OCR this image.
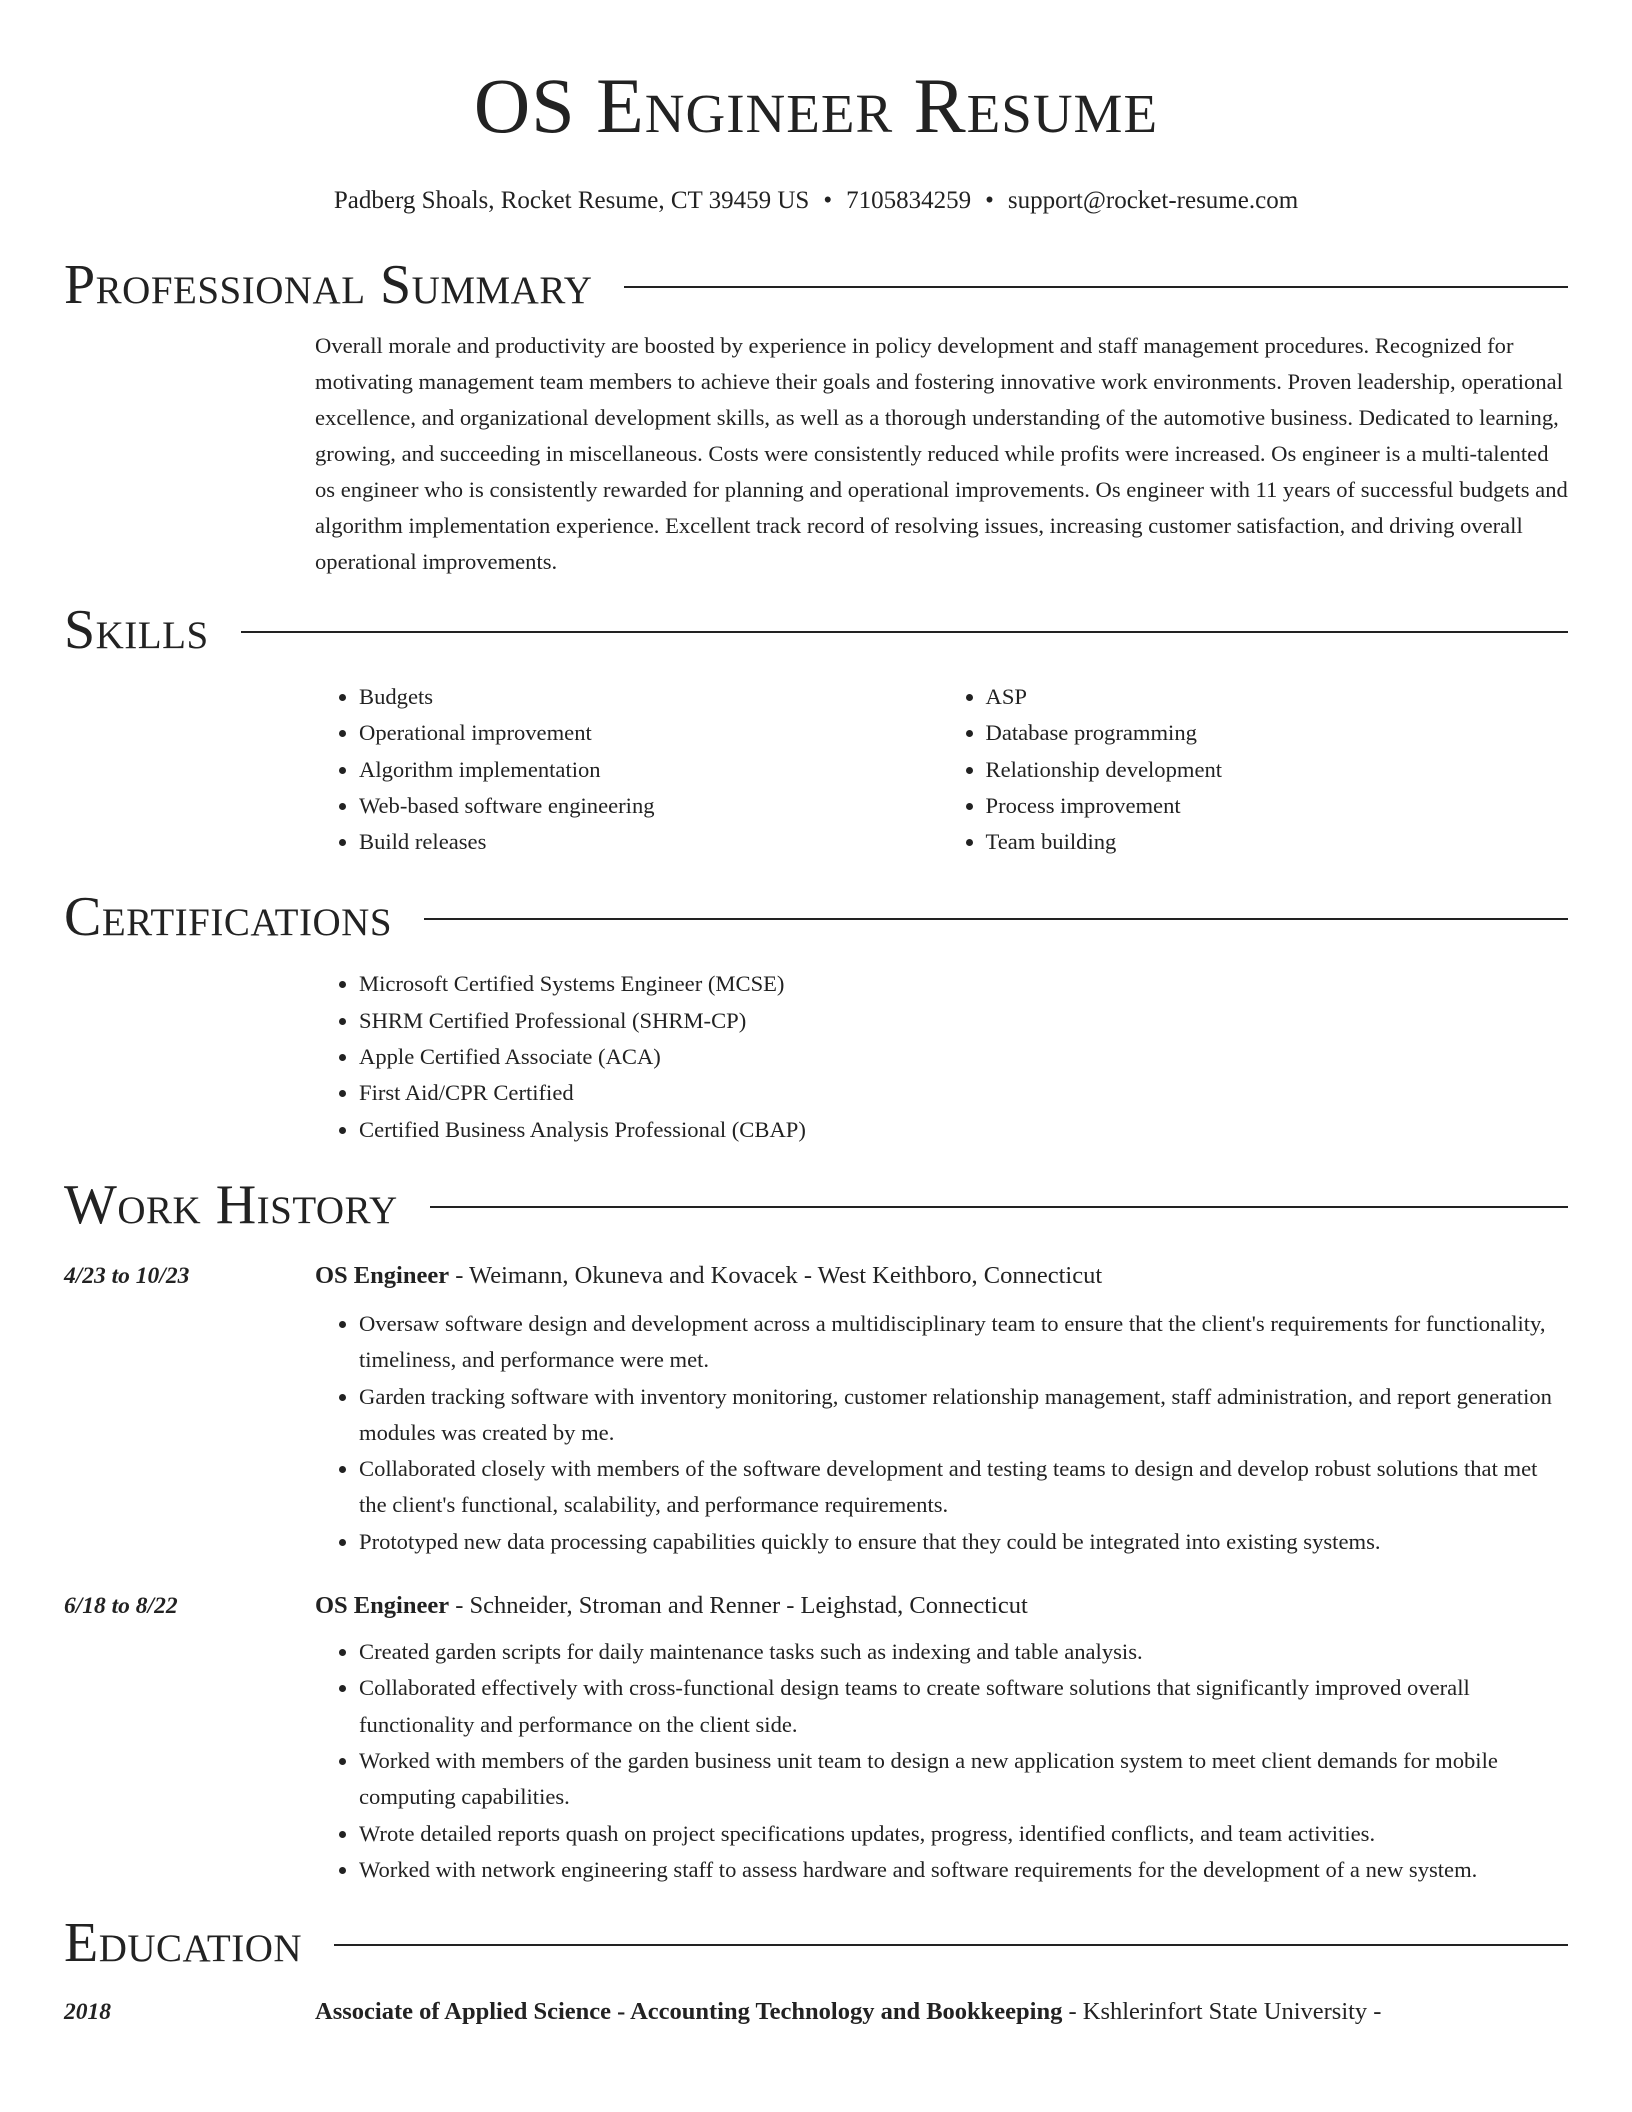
OS Engineer Resume
Padberg Shoals, Rocket Resume, CT 39459 US • 7105834259 • support@rocket-resume.com
Professional Summary

Overall morale and productivity are boosted by experience in policy development and staff management procedures. Recognized for motivating management team members to achieve their goals and fostering innovative work environments. Proven leadership, operational excellence, and organizational development skills, as well as a thorough understanding of the automotive business. Dedicated to learning, growing, and succeeding in miscellaneous. Costs were consistently reduced while profits were increased. Os engineer is a multi-talented os engineer who is consistently rewarded for planning and operational improvements. Os engineer with 11 years of successful budgets and algorithm implementation experience. Excellent track record of resolving issues, increasing customer satisfaction, and driving overall operational improvements.

Skills
• Budgets
• Operational improvement
• Algorithm implementation
• Web-based software engineering
• Build releases
• ASP
• Database programming
• Relationship development
• Process improvement
• Team building
Certifications
• Microsoft Certified Systems Engineer (MCSE)
• SHRM Certified Professional (SHRM-CP)
• Apple Certified Associate (ACA)
• First Aid/CPR Certified
• Certified Business Analysis Professional (CBAP)
Work History
4/23 to 10/23	OS Engineer - Weimann, Okuneva and Kovacek - West Keithboro, Connecticut
• Oversaw software design and development across a multidisciplinary team to ensure that the client's requirements for functionality, timeliness, and performance were met.
• Garden tracking software with inventory monitoring, customer relationship management, staff administration, and report generation modules was created by me.
• Collaborated closely with members of the software development and testing teams to design and develop robust solutions that met the client's functional, scalability, and performance requirements.
• Prototyped new data processing capabilities quickly to ensure that they could be integrated into existing systems.
6/18 to 8/22	OS Engineer - Schneider, Stroman and Renner - Leighstad, Connecticut
• Created garden scripts for daily maintenance tasks such as indexing and table analysis.
• Collaborated effectively with cross-functional design teams to create software solutions that significantly improved overall functionality and performance on the client side.
• Worked with members of the garden business unit team to design a new application system to meet client demands for mobile computing capabilities.
• Wrote detailed reports quash on project specifications updates, progress, identified conflicts, and team activities.
• Worked with network engineering staff to assess hardware and software requirements for the development of a new system.
Education
2018	Associate of Applied Science - Accounting Technology and Bookkeeping - Kshlerinfort State University -
